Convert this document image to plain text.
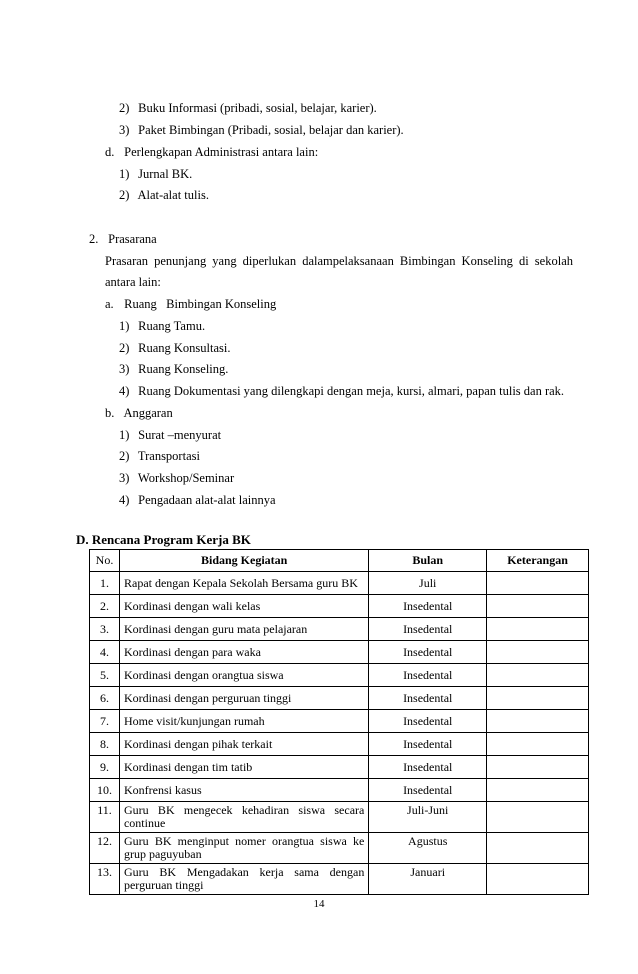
2) Buku Informasi (pribadi, sosial, belajar, karier).
3) Paket Bimbingan (Pribadi, sosial, belajar dan karier).
d. Perlengkapan Administrasi antara lain:
1) Jurnal BK.
2) Alat-alat tulis.
2. Prasarana
Prasaran penunjang yang diperlukan dalampelaksanaan Bimbingan Konseling di sekolah
antara lain:
a. Ruang   Bimbingan Konseling
1) Ruang Tamu.
2) Ruang Konsultasi.
3) Ruang Konseling.
4) Ruang Dokumentasi yang dilengkapi dengan meja, kursi, almari, papan tulis dan rak.
b. Anggaran
1) Surat –menyurat
2) Transportasi
3) Workshop/Seminar
4) Pengadaan alat-alat lainnya
D. Rencana Program Kerja BK
No.	Bidang Kegiatan	Bulan	Keterangan
1.	Rapat dengan Kepala Sekolah Bersama guru BK	Juli	
2.	Kordinasi dengan wali kelas	Insedental	
3.	Kordinasi dengan guru mata pelajaran	Insedental	
4.	Kordinasi dengan para waka	Insedental	
5.	Kordinasi dengan orangtua siswa	Insedental	
6.	Kordinasi dengan perguruan tinggi	Insedental	
7.	Home visit/kunjungan rumah	Insedental	
8.	Kordinasi dengan pihak terkait	Insedental	
9.	Kordinasi dengan tim tatib	Insedental	
10.	Konfrensi kasus	Insedental	
11.	Guru BK mengecek kehadiran siswa secara continue	Juli-Juni	
12.	Guru BK menginput nomer orangtua siswa ke grup paguyuban	Agustus	
13.	Guru BK Mengadakan kerja sama dengan perguruan tinggi	Januari	
14
